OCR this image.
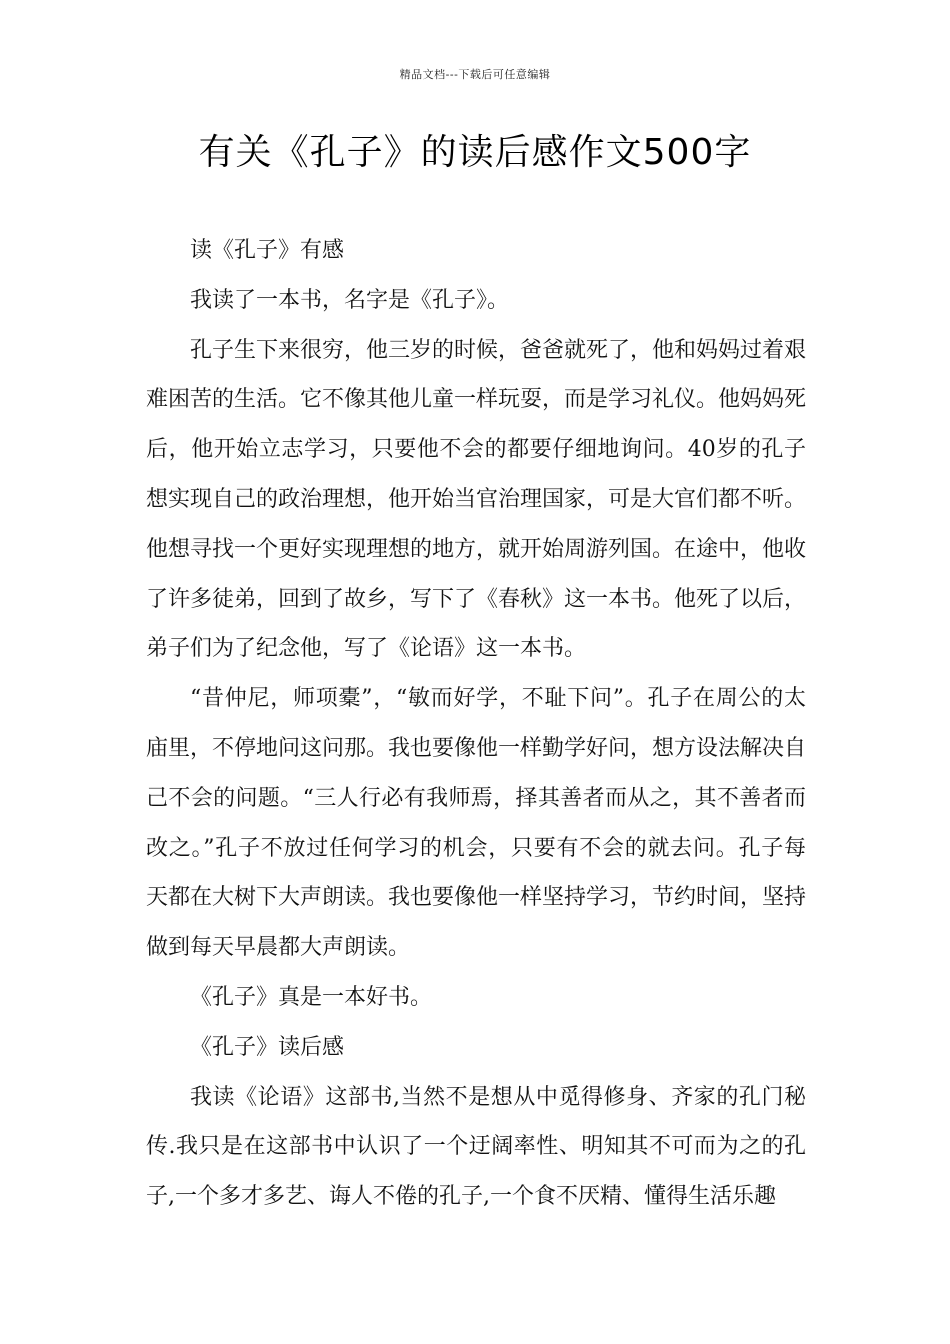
精品文档---下载后可任意编辑
有关《孔子》的读后感作文500字

读《孔子》有感

我读了一本书，名字是《孔子》。

孔子生下来很穷，他三岁的时候，爸爸就死了，他和妈妈过着艰难困苦的生活。它不像其他儿童一样玩耍，而是学习礼仪。他妈妈死后，他开始立志学习，只要他不会的都要仔细地询问。40岁的孔子想实现自己的政治理想，他开始当官治理国家，可是大官们都不听。他想寻找一个更好实现理想的地方，就开始周游列国。在途中，他收了许多徒弟，回到了故乡，写下了《春秋》这一本书。他死了以后，弟子们为了纪念他，写了《论语》这一本书。

“昔仲尼，师项橐”，“敏而好学，不耻下问”。孔子在周公的太庙里，不停地问这问那。我也要像他一样勤学好问，想方设法解决自己不会的问题。“三人行必有我师焉，择其善者而从之，其不善者而改之。”孔子不放过任何学习的机会，只要有不会的就去问。孔子每天都在大树下大声朗读。我也要像他一样坚持学习，节约时间，坚持做到每天早晨都大声朗读。

《孔子》真是一本好书。

《孔子》读后感

我读《论语》这部书,当然不是想从中觅得修身、齐家的孔门秘传.我只是在这部书中认识了一个迂阔率性、明知其不可而为之的孔子,一个多才多艺、诲人不倦的孔子,一个食不厌精、懂得生活乐趣
